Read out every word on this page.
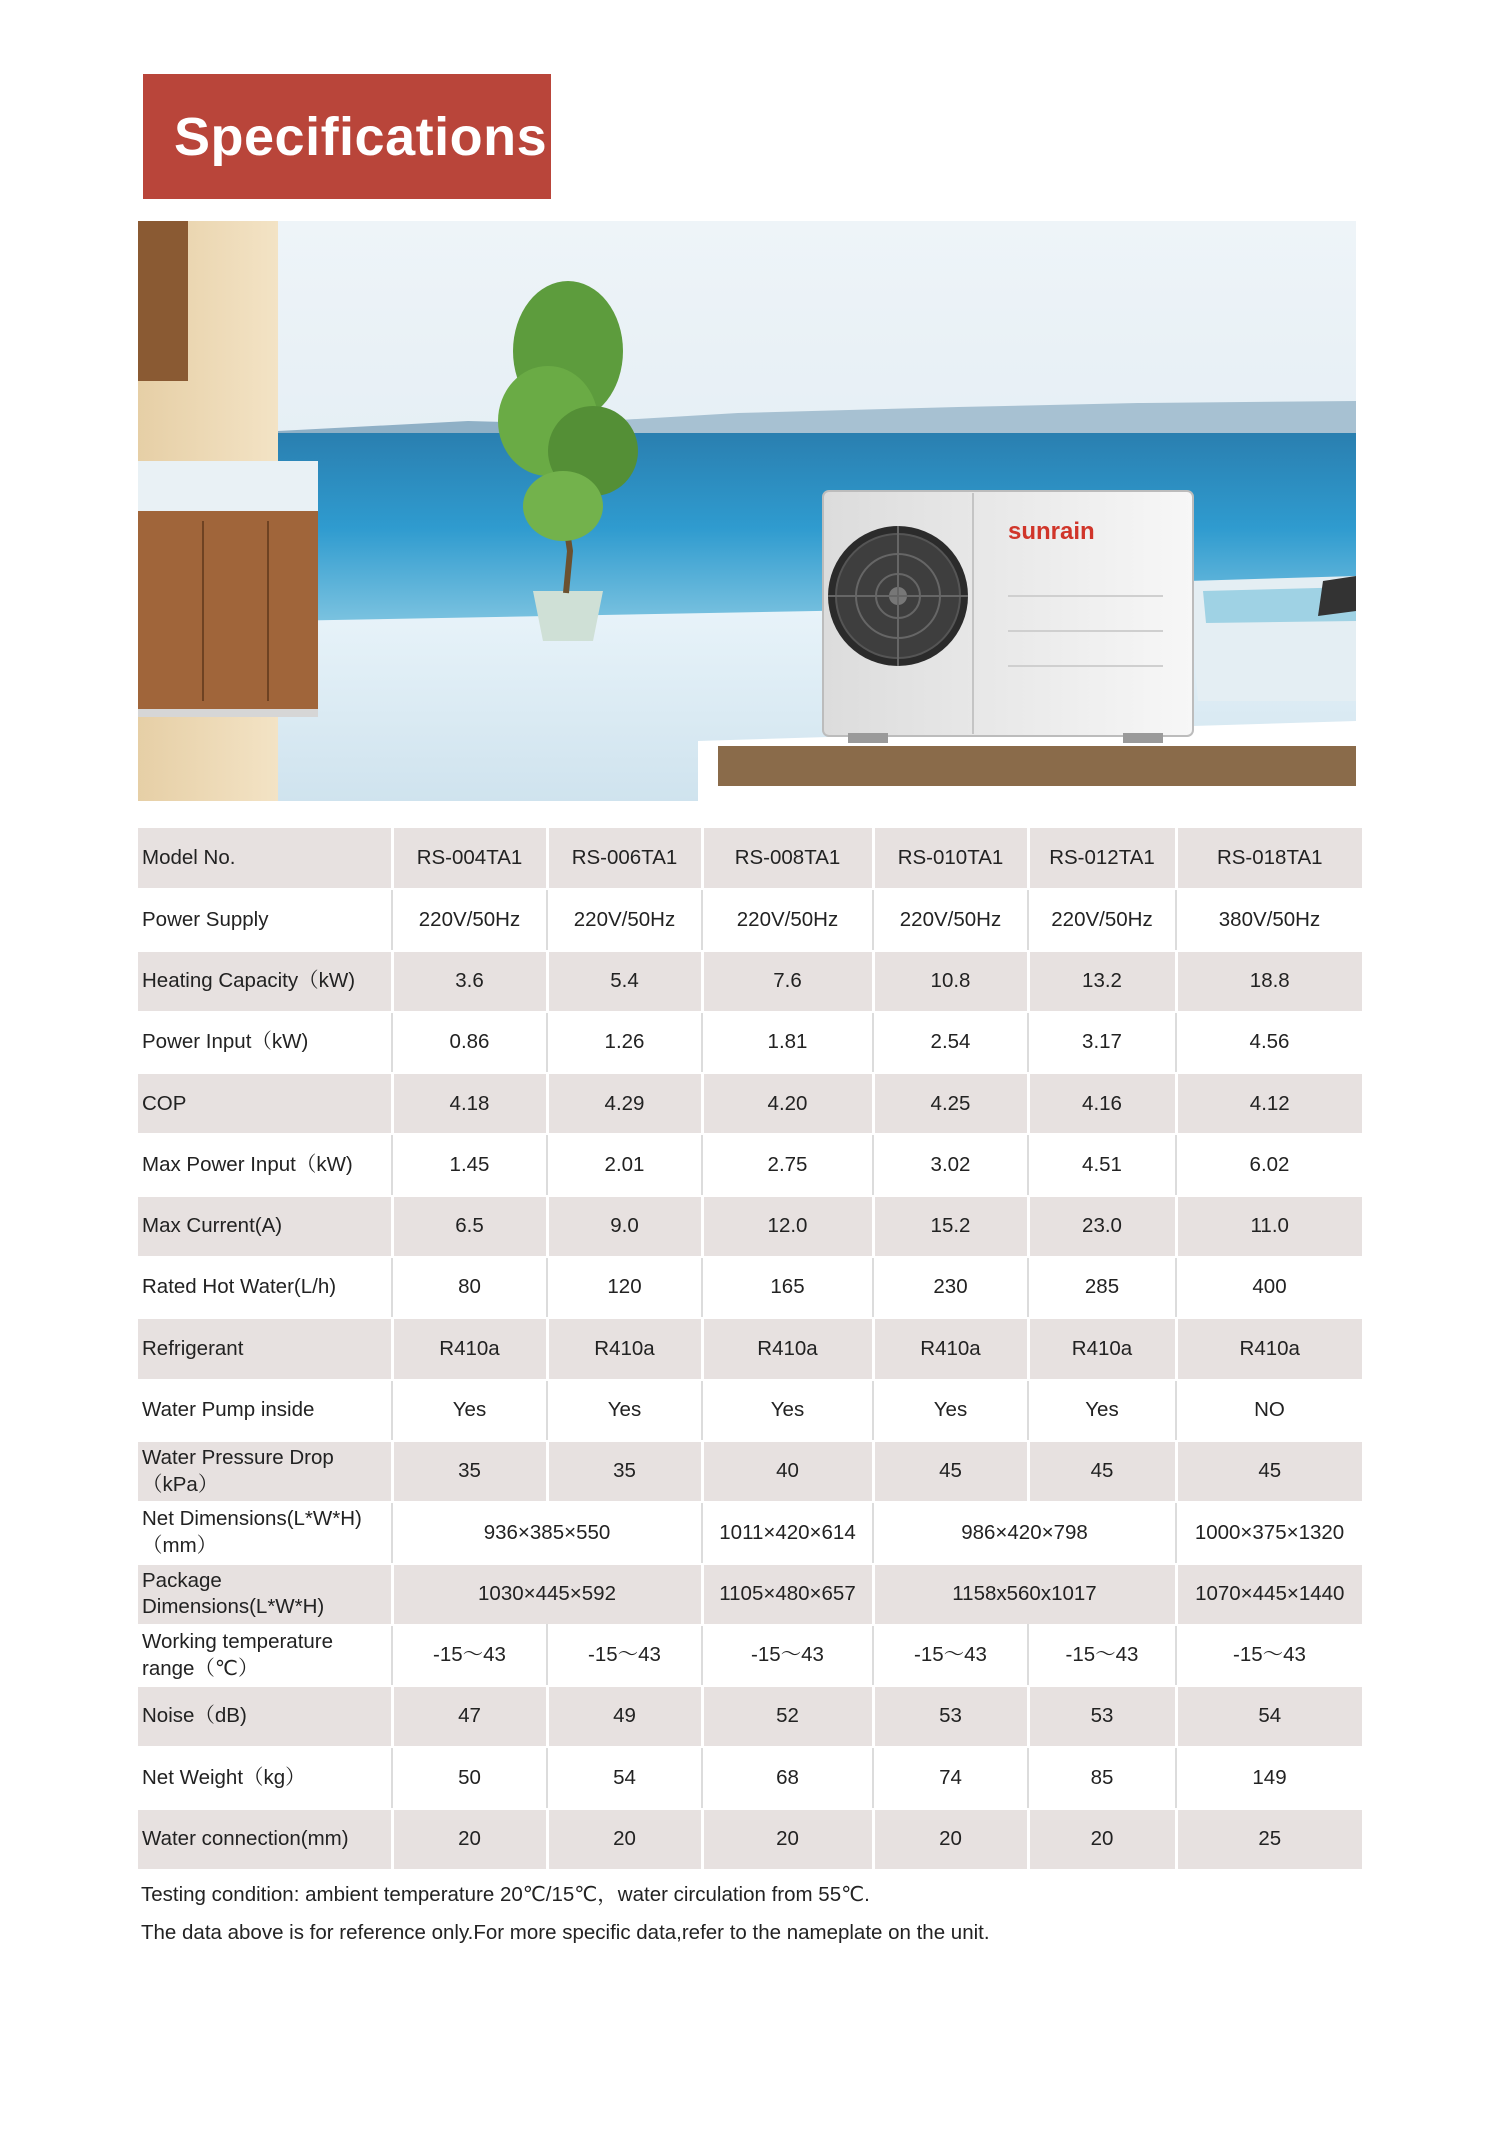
Specifications
sunrain
Model No.	RS-004TA1	RS-006TA1	RS-008TA1	RS-010TA1	RS-012TA1	RS-018TA1
Power Supply	220V/50Hz	220V/50Hz	220V/50Hz	220V/50Hz	220V/50Hz	380V/50Hz
Heating Capacity（kW)	3.6	5.4	7.6	10.8	13.2	18.8
Power Input（kW)	0.86	1.26	1.81	2.54	3.17	4.56
COP	4.18	4.29	4.20	4.25	4.16	4.12
Max Power Input（kW)	1.45	2.01	2.75	3.02	4.51	6.02
Max Current(A)	6.5	9.0	12.0	15.2	23.0	11.0
Rated Hot Water(L/h)	80	120	165	230	285	400
Refrigerant	R410a	R410a	R410a	R410a	R410a	R410a
Water Pump inside	Yes	Yes	Yes	Yes	Yes	NO
Water Pressure Drop（kPa）	35	35	40	45	45	45
Net Dimensions(L*W*H)（mm）	936×385×550		1011×420×614	986×420×798		1000×375×1320
Package Dimensions(L*W*H)	1030×445×592		1105×480×657	1158x560x1017		1070×445×1440
Working temperature range（℃）	-15～43	-15～43	-15～43	-15～43	-15～43	-15～43
Noise（dB)	47	49	52	53	53	54
Net Weight（kg）	50	54	68	74	85	149
Water connection(mm)	20	20	20	20	20	25

Testing condition: ambient temperature 20℃/15℃，water circulation from 55℃.

The data above is for reference only.For more specific data,refer to the nameplate on the unit.
